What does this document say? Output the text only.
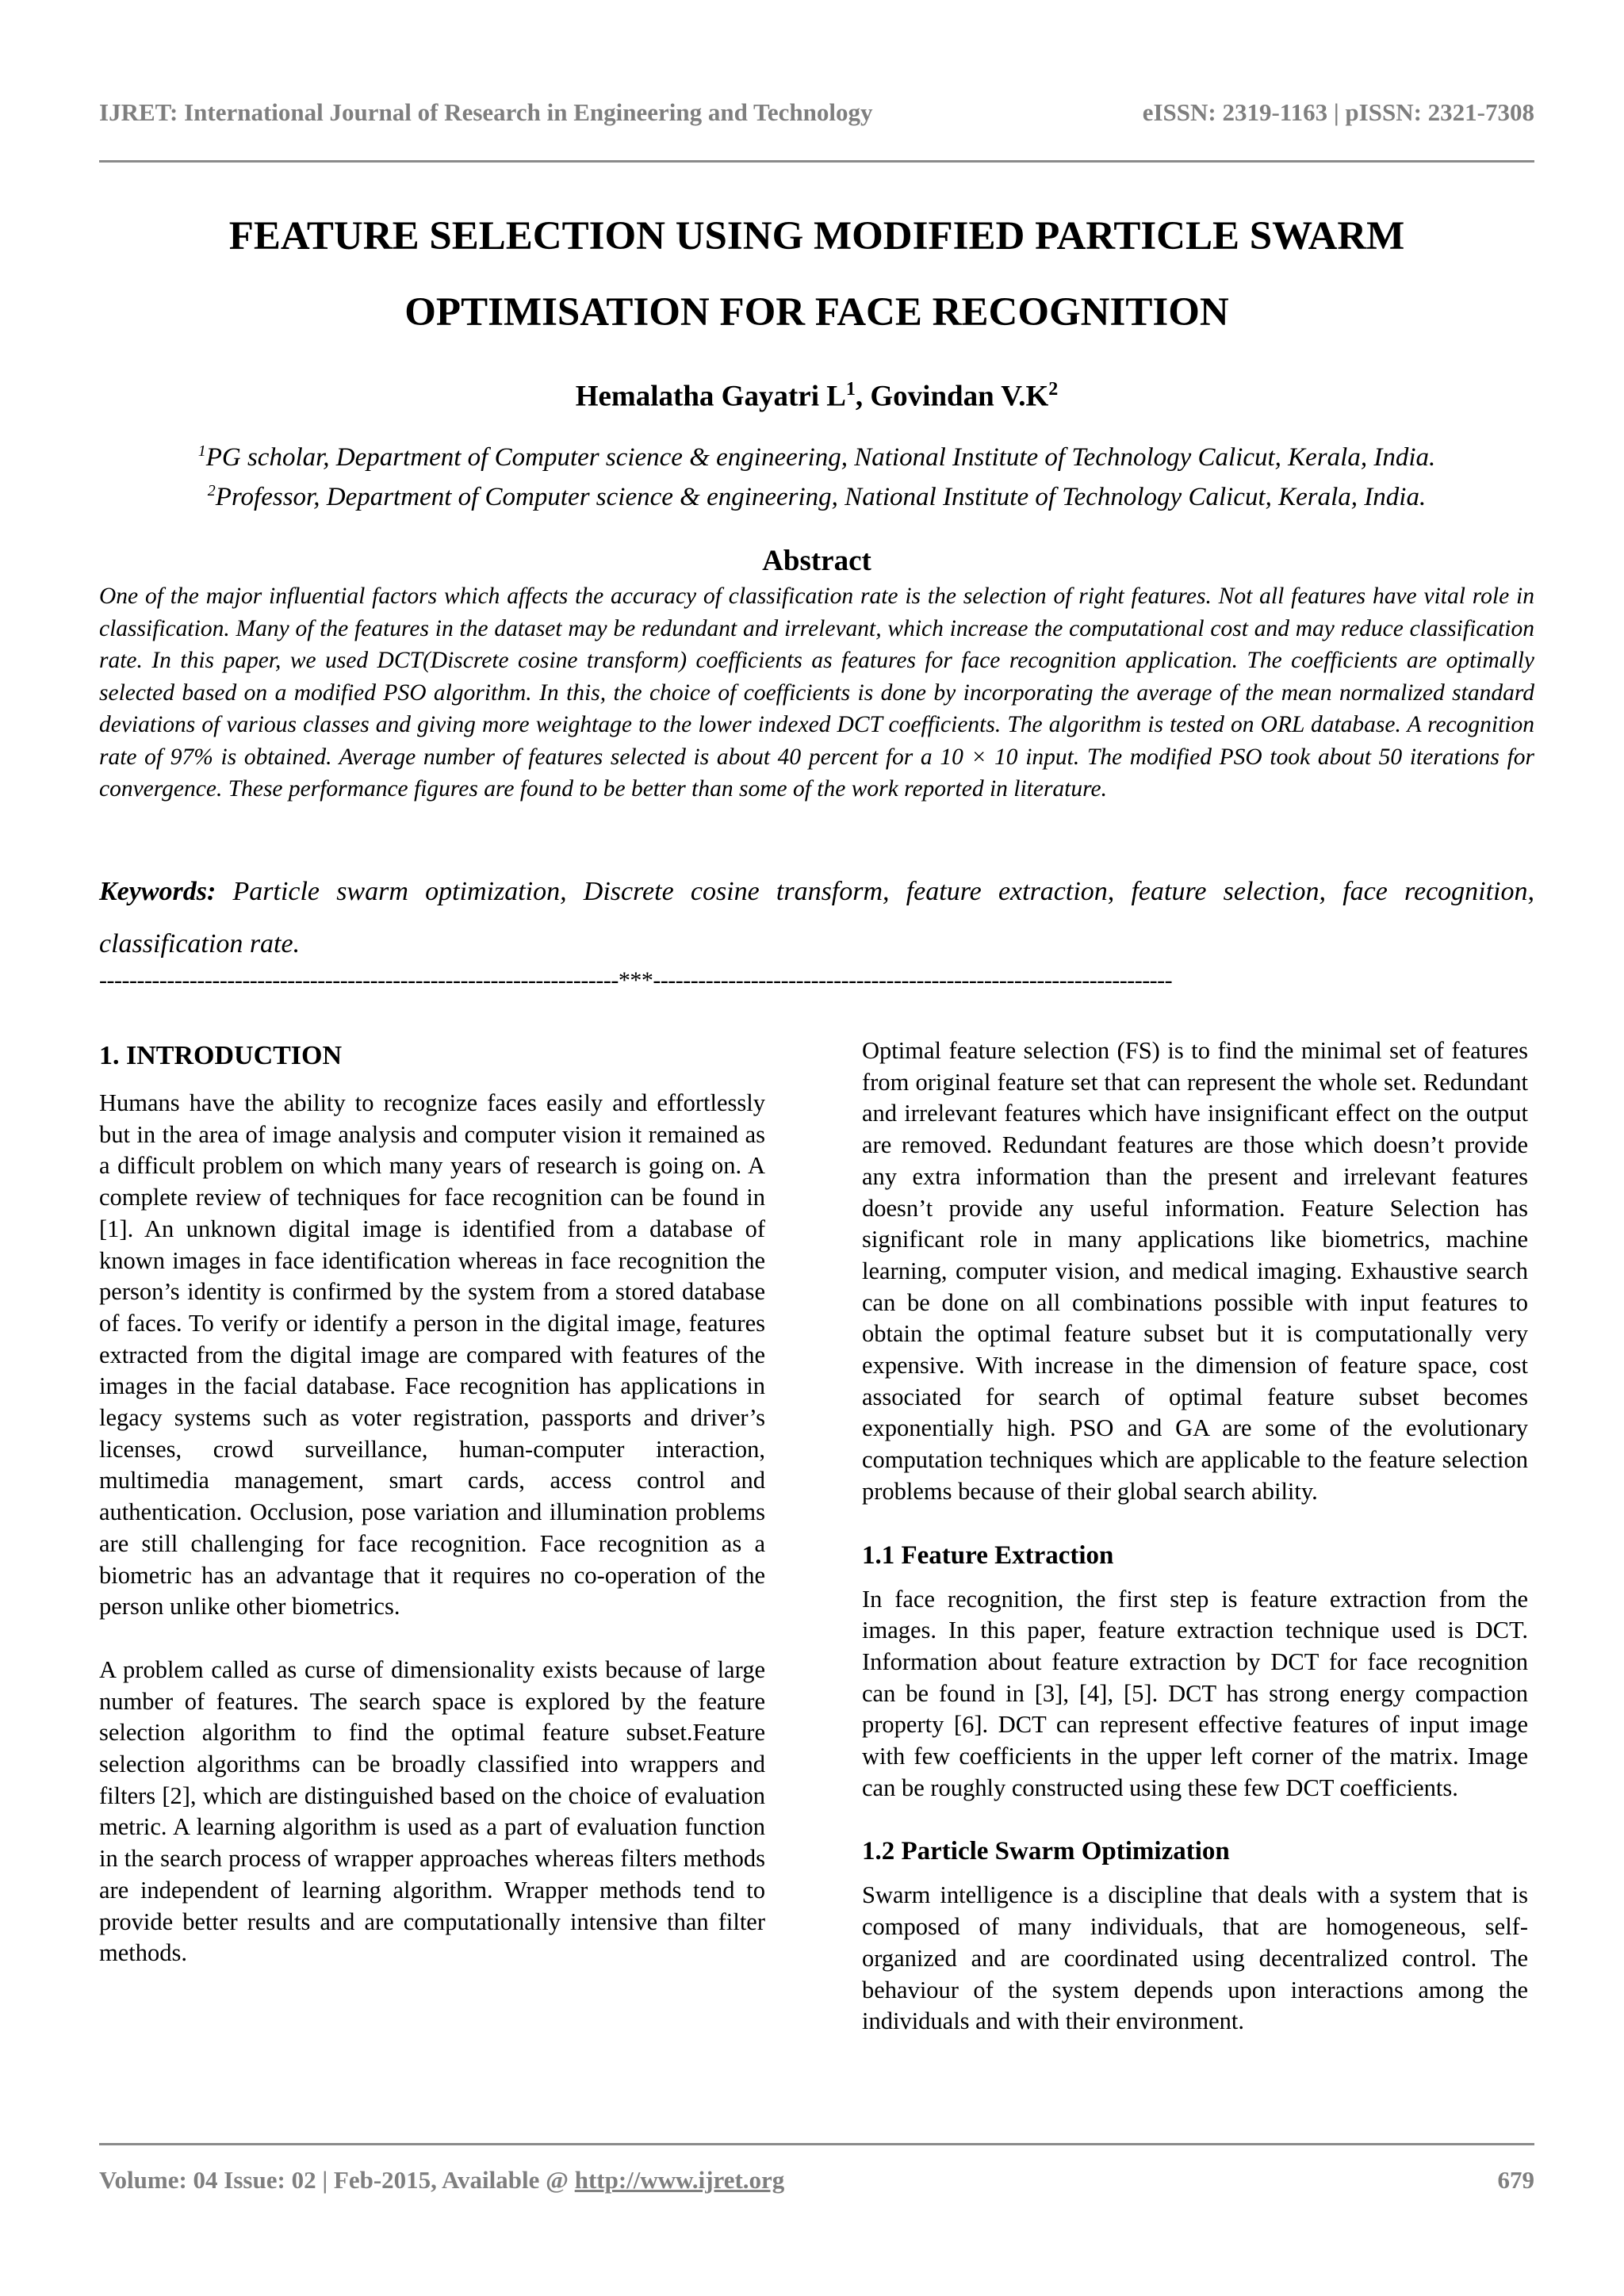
IJRET: International Journal of Research in Engineering and Technology	eISSN: 2319-1163 | pISSN: 2321-7308
FEATURE SELECTION USING MODIFIED PARTICLE SWARM
OPTIMISATION FOR FACE RECOGNITION
Hemalatha Gayatri $L^1$, Govindan $V.K^2$
$^1$PG scholar, Department of Computer science & engineering, National Institute of Technology Calicut, Kerala, India.
$^2$Professor, Department of Computer science & engineering, National Institute of Technology Calicut, Kerala, India.
Abstract
One of the major influential factors which affects the accuracy of classification rate is the selection of right features. Not all features have vital role in classification. Many of the features in the dataset may be redundant and irrelevant, which increase the computational cost and may reduce classification rate. In this paper, we used DCT(Discrete cosine transform) coefficients as features for face recognition application. The coefficients are optimally selected based on a modified PSO algorithm. In this, the choice of coefficients is done by incorporating the average of the mean normalized standard deviations of various classes and giving more weightage to the lower indexed DCT coefficients. The algorithm is tested on ORL database. A recognition rate of 97% is obtained. Average number of features selected is about 40 percent for a 10 × 10 input. The modified PSO took about 50 iterations for convergence. These performance figures are found to be better than some of the work reported in literature.
Keywords: Particle swarm optimization, Discrete cosine transform, feature extraction, feature selection, face recognition, classification rate.
---------------------------------------------------------------------***---------------------------------------------------------------------
1. INTRODUCTION

Humans have the ability to recognize faces easily and effortlessly but in the area of image analysis and computer vision it remained as a difficult problem on which many years of research is going on. A complete review of techniques for face recognition can be found in [1]. An unknown digital image is identified from a database of known images in face identification whereas in face recognition the person’s identity is confirmed by the system from a stored database of faces. To verify or identify a person in the digital image, features extracted from the digital image are compared with features of the images in the facial database. Face recognition has applications in legacy systems such as voter registration, passports and driver’s licenses, crowd surveillance, human-computer interaction, multimedia management, smart cards, access control and authentication. Occlusion, pose variation and illumination problems are still challenging for face recognition. Face recognition as a biometric has an advantage that it requires no co-operation of the person unlike other biometrics.

A problem called as curse of dimensionality exists because of large number of features. The search space is explored by the feature selection algorithm to find the optimal feature subset.Feature selection algorithms can be broadly classified into wrappers and filters [2], which are distinguished based on the choice of evaluation metric. A learning algorithm is used as a part of evaluation function in the search process of wrapper approaches whereas filters methods are independent of learning algorithm. Wrapper methods tend to provide better results and are computationally intensive than filter methods.

Optimal feature selection (FS) is to find the minimal set of features from original feature set that can represent the whole set. Redundant and irrelevant features which have insignificant effect on the output are removed. Redundant features are those which doesn’t provide any extra information than the present and irrelevant features doesn’t provide any useful information. Feature Selection has significant role in many applications like biometrics, machine learning, computer vision, and medical imaging. Exhaustive search can be done on all combinations possible with input features to obtain the optimal feature subset but it is computationally very expensive. With increase in the dimension of feature space, cost associated for search of optimal feature subset becomes exponentially high. PSO and GA are some of the evolutionary computation techniques which are applicable to the feature selection problems because of their global search ability.

1.1 Feature Extraction

In face recognition, the first step is feature extraction from the images. In this paper, feature extraction technique used is DCT. Information about feature extraction by DCT for face recognition can be found in [3], [4], [5]. DCT has strong energy compaction property [6]. DCT can represent effective features of input image with few coefficients in the upper left corner of the matrix. Image can be roughly constructed using these few DCT coefficients.

1.2 Particle Swarm Optimization

Swarm intelligence is a discipline that deals with a system that is composed of many individuals, that are homogeneous, self-organized and are coordinated using decentralized control. The behaviour of the system depends upon interactions among the individuals and with their environment.

Volume: 04 Issue: 02 | Feb-2015, Available @ http://www.ijret.org	679
